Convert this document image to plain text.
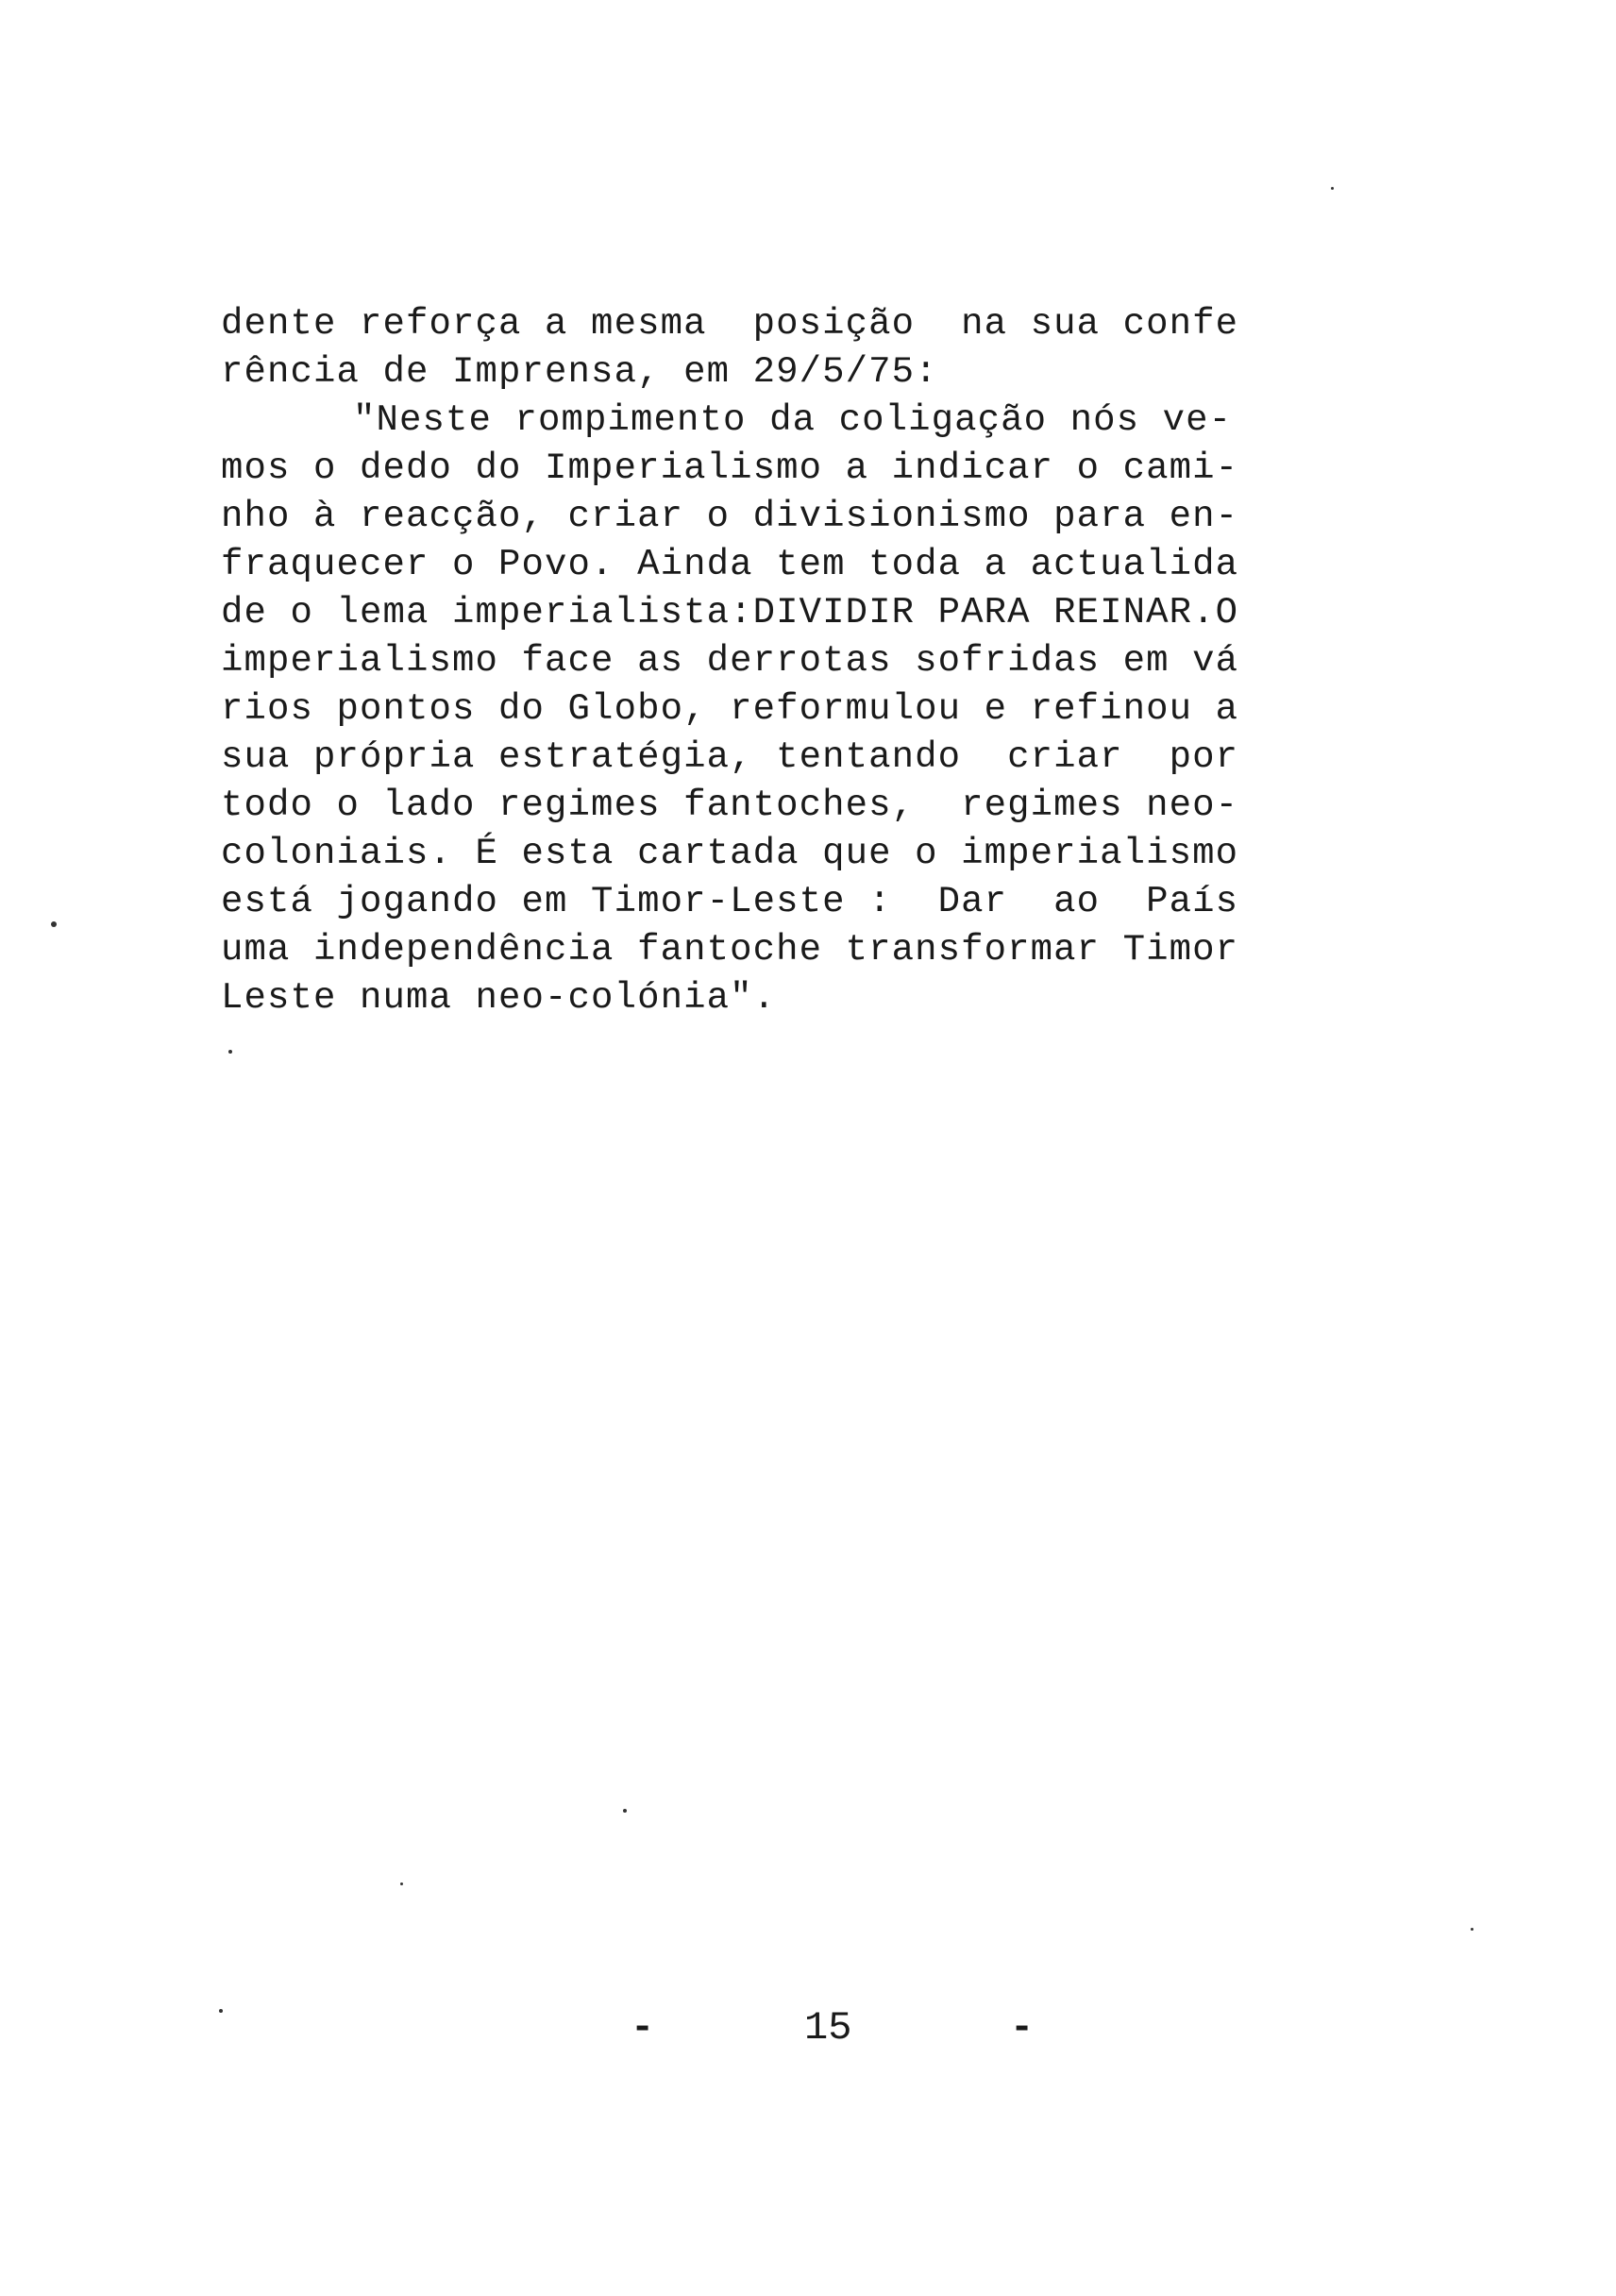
dente reforça a mesma  posição  na sua confe
rência de Imprensa, em 29/5/75:
"Neste rompimento da coligação nós ve-
mos o dedo do Imperialismo a indicar o cami-
nho à reacção, criar o divisionismo para en-
fraquecer o Povo. Ainda tem toda a actualida
de o lema imperialista:DIVIDIR PARA REINAR.O
imperialismo face as derrotas sofridas em vá
rios pontos do Globo, reformulou e refinou a
sua própria estratégia, tentando  criar  por
todo o lado regimes fantoches,  regimes neo-
coloniais. É esta cartada que o imperialismo
está jogando em Timor-Leste :  Dar  ao  País
uma independência fantoche transformar Timor
Leste numa neo-colónia".
-	15	-
